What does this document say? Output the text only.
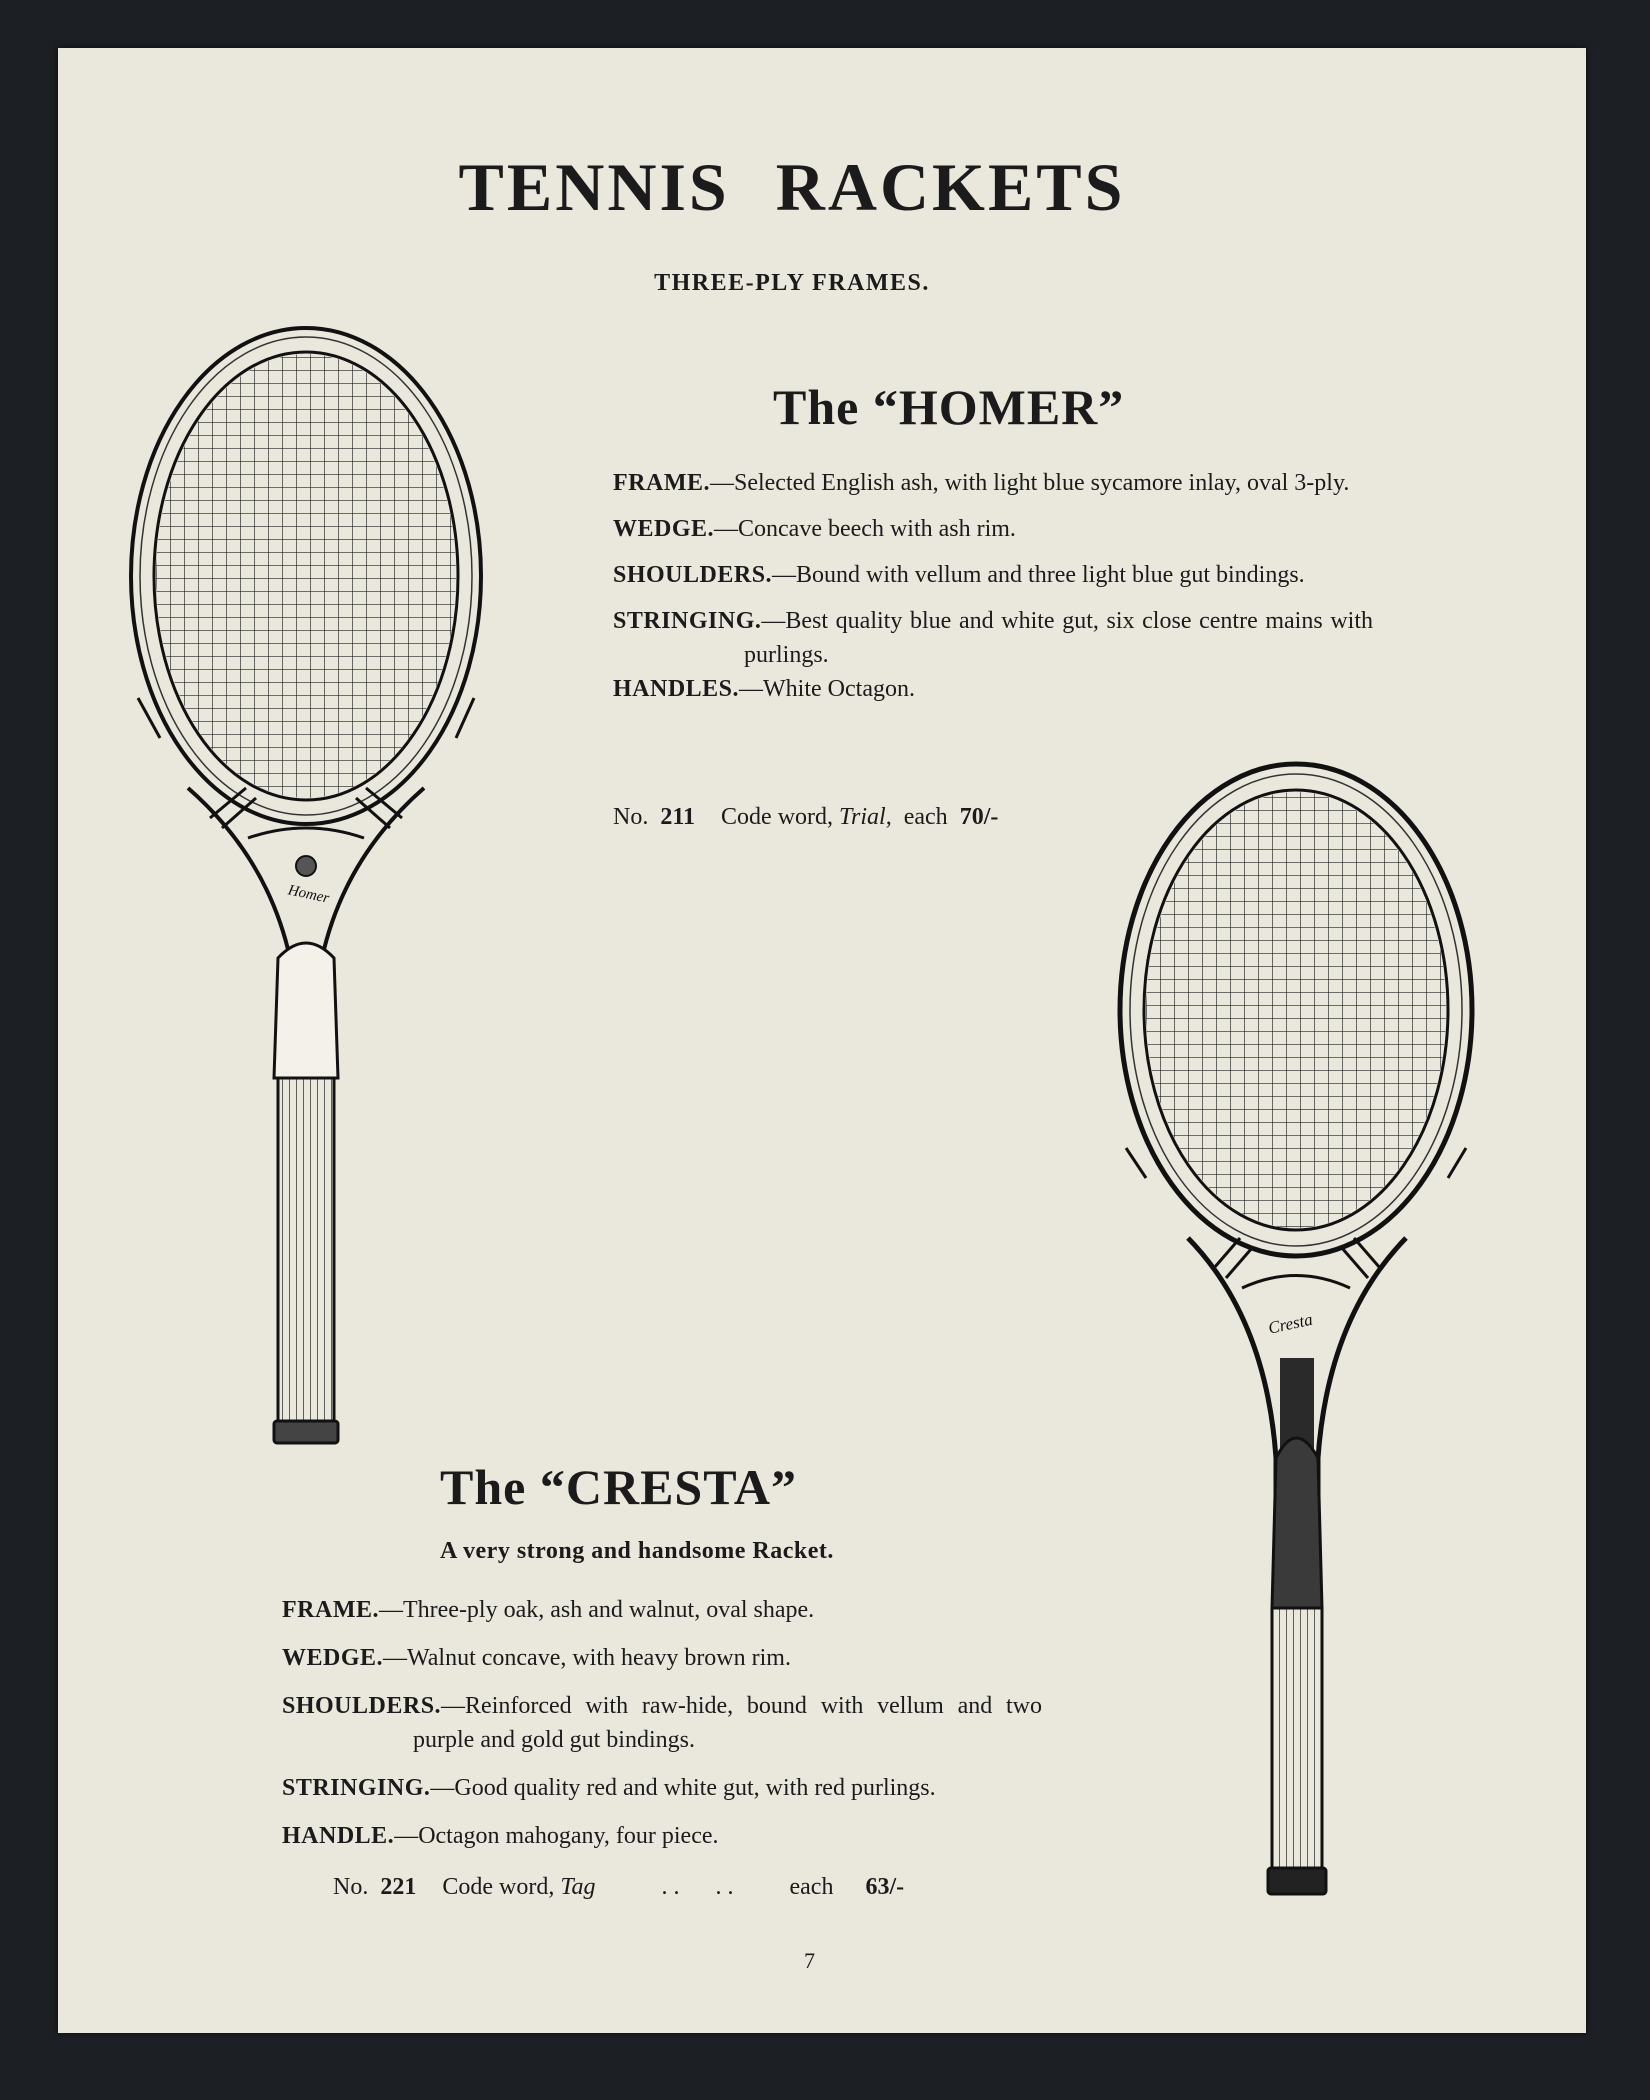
TENNIS RACKETS
THREE-PLY FRAMES.
Homer
The “HOMER”
FRAME.—Selected English ash, with light blue sycamore inlay, oval 3-ply.
WEDGE.—Concave beech with ash rim.
SHOULDERS.—Bound with vellum and three light blue gut bindings.
STRINGING.—Best quality blue and white gut, six close centre mains with purlings.
HANDLES.—White Octagon.
No. 211 Code word, Trial, each 70/-
Cresta
The “CRESTA”
A very strong and handsome Racket.
FRAME.—Three-ply oak, ash and walnut, oval shape.
WEDGE.—Walnut concave, with heavy brown rim.
SHOULDERS.—Reinforced with raw-hide, bound with vellum and two purple and gold gut bindings.
STRINGING.—Good quality red and white gut, with red purlings.
HANDLE.—Octagon mahogany, four piece.
No. 221 Code word, Tag	. .      . . each 63/-
7
